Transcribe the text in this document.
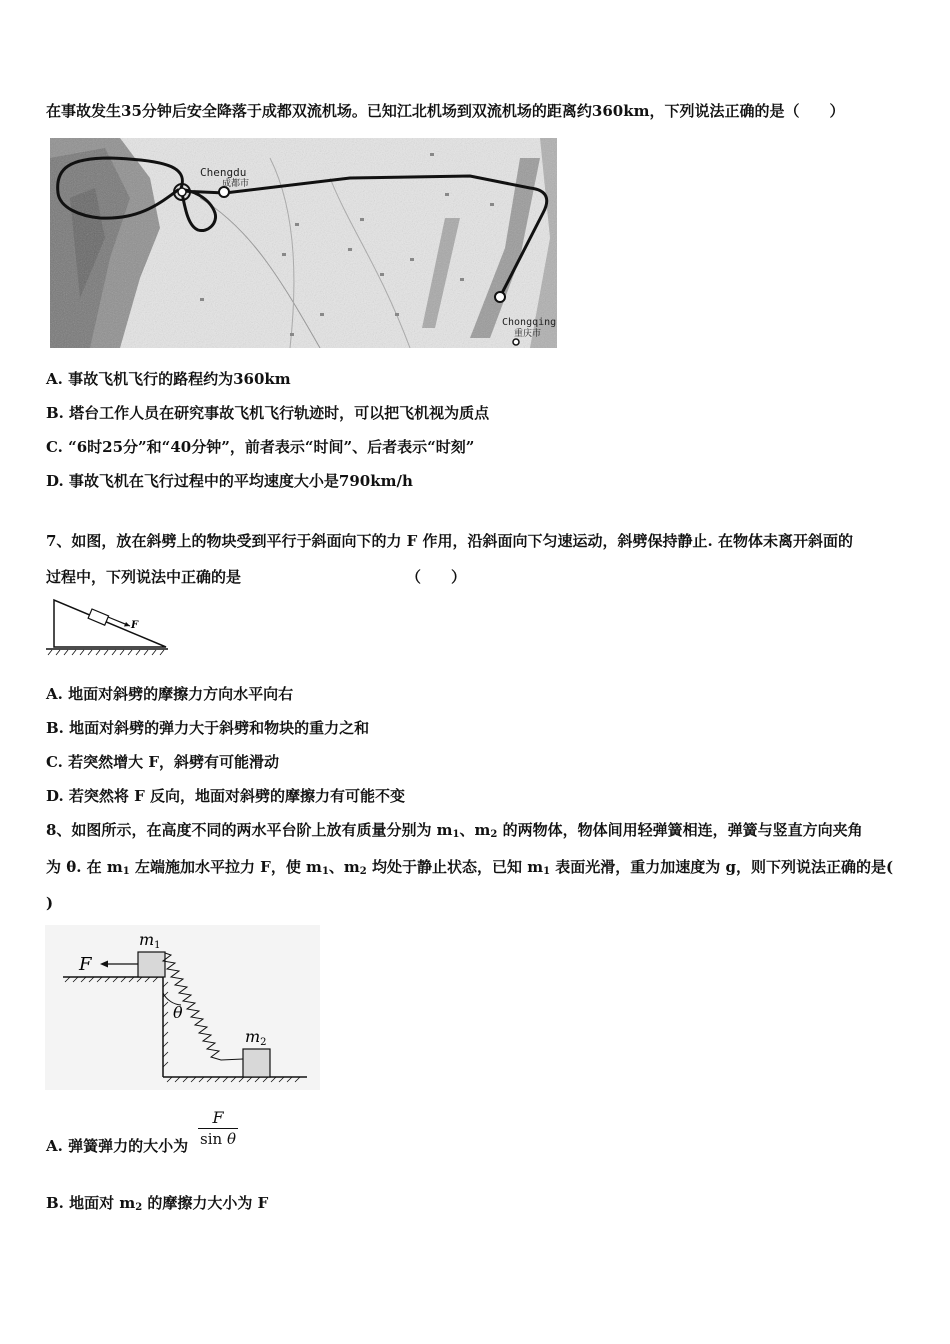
在事故发生35分钟后安全降落于成都双流机场。已知江北机场到双流机场的距离约360km，下列说法正确的是（　　）
Chengdu
成都市
Chongqing
重庆市
A. 事故飞机飞行的路程约为360km
B. 塔台工作人员在研究事故飞机飞行轨迹时，可以把飞机视为质点
C. “6时25分”和“40分钟”，前者表示“时间”、后者表示“时刻”
D. 事故飞机在飞行过程中的平均速度大小是790km/h
7、如图，放在斜劈上的物块受到平行于斜面向下的力 F 作用，沿斜面向下匀速运动，斜劈保持静止. 在物体未离开斜面的
过程中，下列说法中正确的是	（　　）
F
A. 地面对斜劈的摩擦力方向水平向右
B. 地面对斜劈的弹力大于斜劈和物块的重力之和
C. 若突然增大 F，斜劈有可能滑动
D. 若突然将 F 反向，地面对斜劈的摩擦力有可能不变
8、如图所示，在高度不同的两水平台阶上放有质量分别为 $m_1$、$m_2$ 的两物体，物体间用轻弹簧相连，弹簧与竖直方向夹角
为 θ. 在 $m_1$ 左端施加水平拉力 F，使 $m_1$、$m_2$ 均处于静止状态，已知 $m_1$ 表面光滑，重力加速度为 g，则下列说法正确的是(
)
F
θ
m1
m2
A. 弹簧弹力的大小为 $\frac{F}{\text{sin θ}}$
B. 地面对 $m_2$ 的摩擦力大小为 F
